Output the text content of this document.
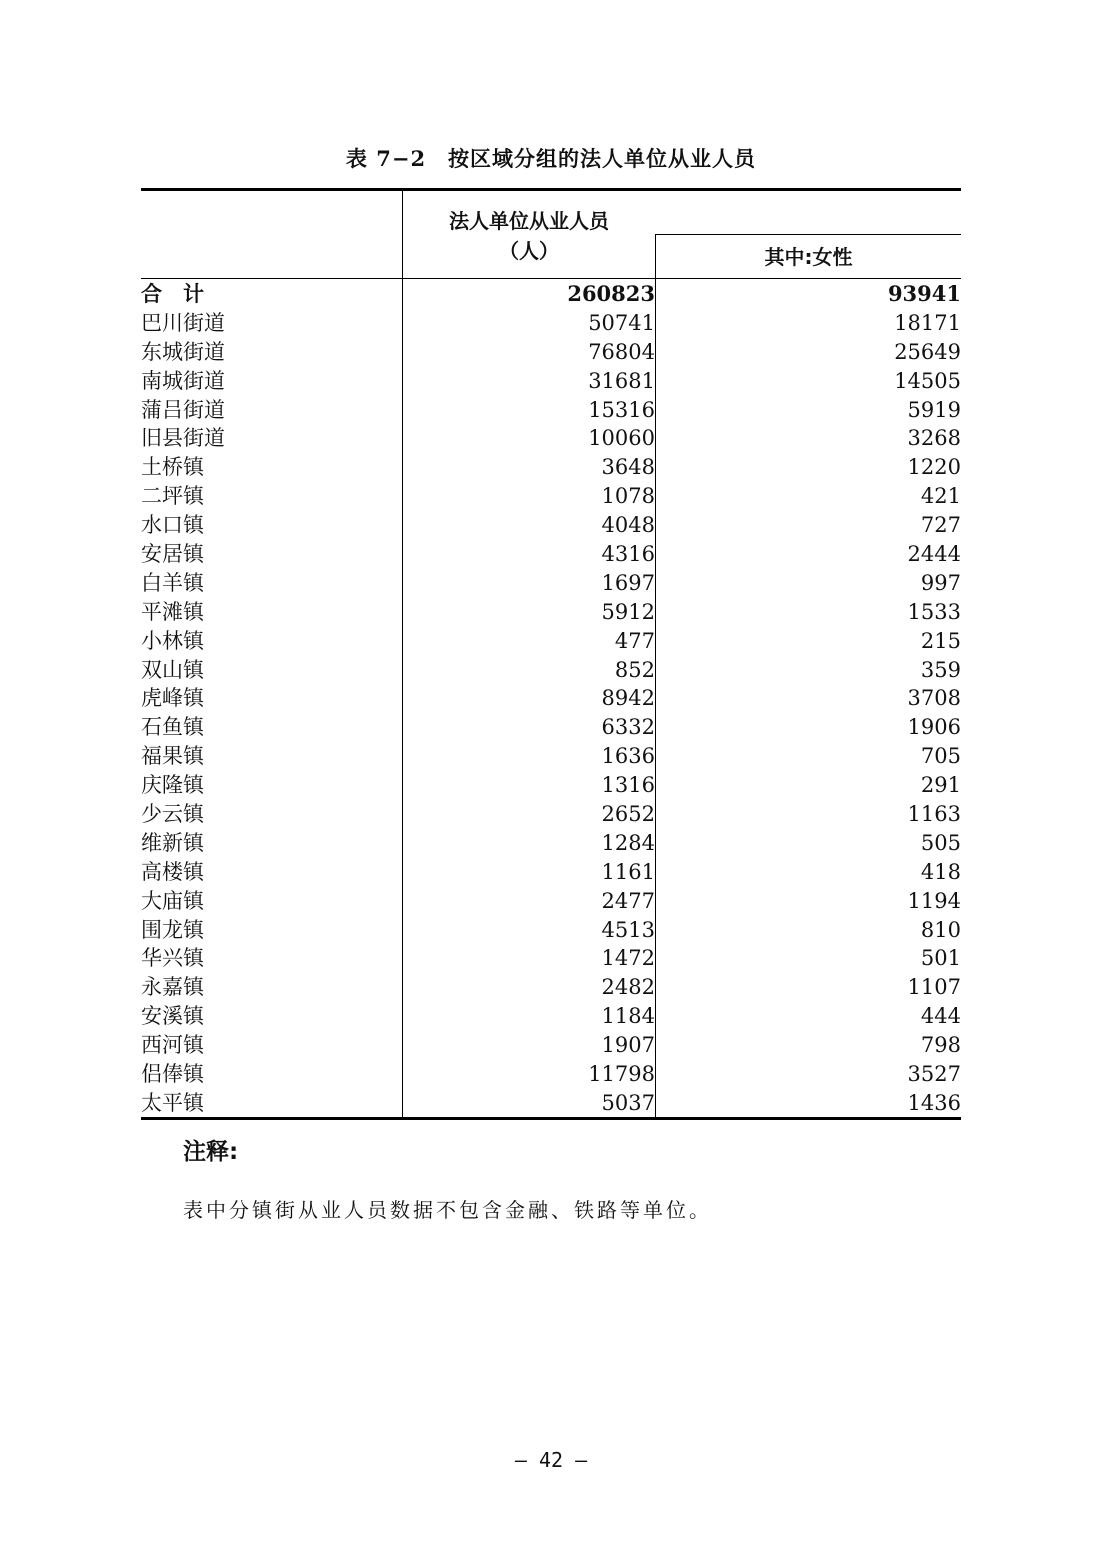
表 7−2　按区域分组的法人单位从业人员
法人单位从业人员
（人）	其中:女性
合　计	260823	93941
巴川街道	50741	18171
东城街道	76804	25649
南城街道	31681	14505
蒲吕街道	15316	5919
旧县街道	10060	3268
土桥镇	3648	1220
二坪镇	1078	421
水口镇	4048	727
安居镇	4316	2444
白羊镇	1697	997
平滩镇	5912	1533
小林镇	477	215
双山镇	852	359
虎峰镇	8942	3708
石鱼镇	6332	1906
福果镇	1636	705
庆隆镇	1316	291
少云镇	2652	1163
维新镇	1284	505
高楼镇	1161	418
大庙镇	2477	1194
围龙镇	4513	810
华兴镇	1472	501
永嘉镇	2482	1107
安溪镇	1184	444
西河镇	1907	798
侣俸镇	11798	3527
太平镇	5037	1436
注释:
表中分镇街从业人员数据不包含金融、铁路等单位。
– 42 –
